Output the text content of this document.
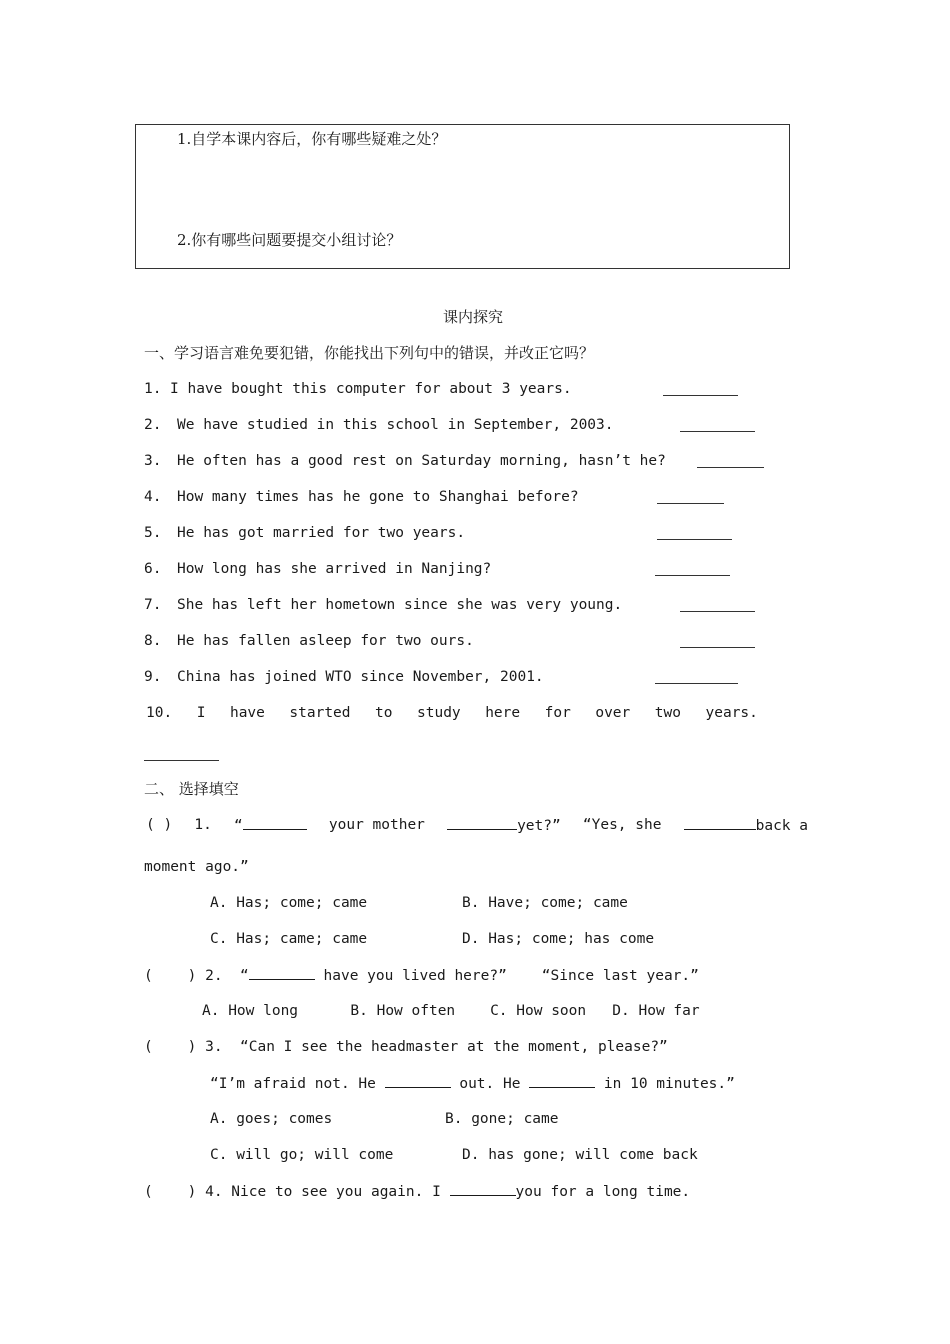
1.自学本课内容后，你有哪些疑难之处？
2.你有哪些问题要提交小组讨论？
课内探究
一、学习语言难免要犯错，你能找出下列句中的错误，并改正它吗？
1. I have bought this computer for about 3 years.
2. We have studied in this school in September, 2003.
3. He often has a good rest on Saturday morning, hasn’t he?
4. How many times has he gone to Shanghai before?
5. He has got married for two years.
6. How long has she arrived in Nanjing?
7. She has left her hometown since she was very young.
8. He has fallen asleep for two ours.
9. China has joined WTO since November, 2001.
10. I have started to study here for over two years.
二、 选择填空
( ) 1. “	your mother	yet?” “Yes, she	back a
moment ago.”
A. Has; come; came	B. Have; come; came
C. Has; came; came	D. Has; come; has come
(    ) 2.  “	have you lived here?” “Since last year.”
A. How long      B. How often    C. How soon   D. How far
(    ) 3.  “Can I see the headmaster at the moment, please?”
“I’m afraid not. He	out. He	in 10 minutes.”
A. goes; comes	B. gone; came
C. will go; will come	D. has gone; will come back
(    ) 4. Nice to see you again. I	you for a long time.
